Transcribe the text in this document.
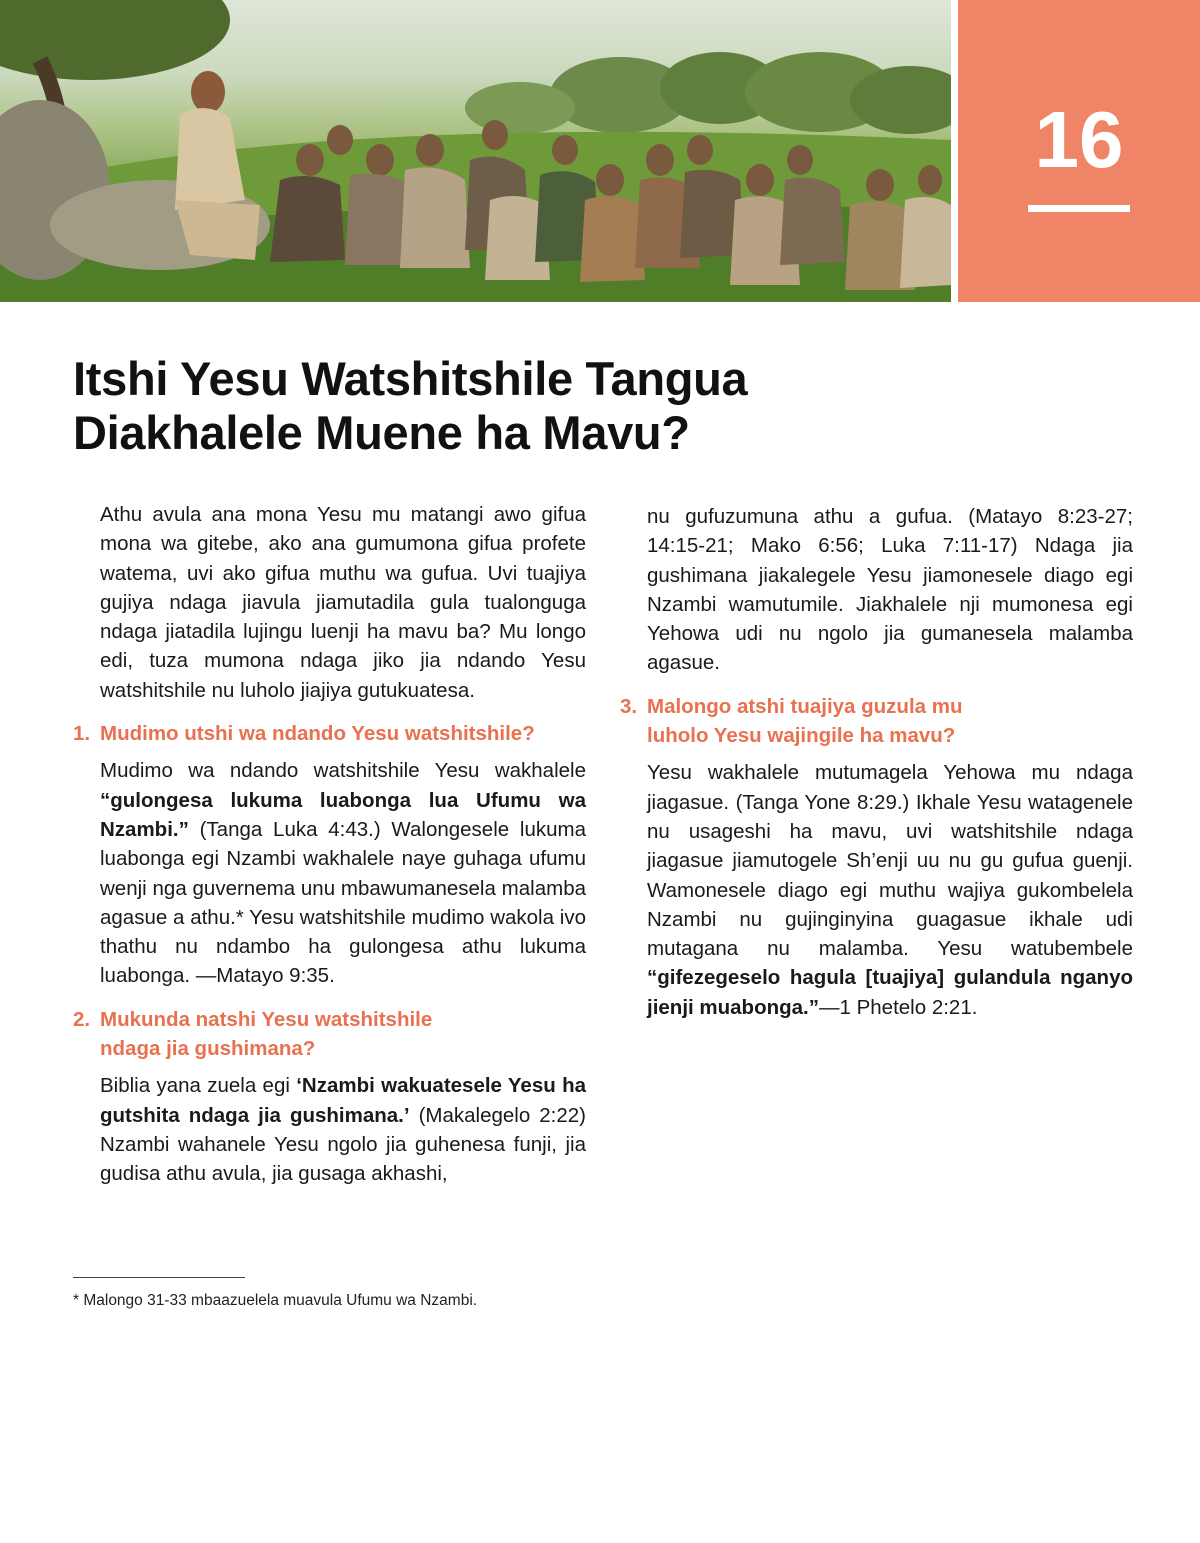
16
Itshi Yesu Watshitshile Tangua
Diakhalele Muene ha Mavu?

Athu avula ana mona Yesu mu matangi awo gifua mona wa gitebe, ako ana gumumona gifua profete watema, uvi ako gifua muthu wa gufua. Uvi tuajiya gujiya ndaga jiavula jiamutadila gula tualonguga ndaga jiatadila lujingu luenji ha mavu ba? Mu longo edi, tuza mumona ndaga jiko jia ndando Yesu watshitshile nu luholo jiajiya gutukuatesa.

1. Mudimo utshi wa ndando Yesu watshitshile?

Mudimo wa ndando watshitshile Yesu wakhalele “gulongesa lukuma luabonga lua Ufumu wa Nzambi.” (Tanga Luka 4:43.) Walongesele lukuma luabonga egi Nzambi wakhalele naye guhaga ufumu wenji nga guvernema unu mbawumanesela malamba agasue a athu.* Yesu watshitshile mudimo wakola ivo thathu nu ndambo ha gulongesa athu lukuma luabonga. —Matayo 9:35.

2. Mukunda natshi Yesu watshitshile
ndaga jia gushimana?

Biblia yana zuela egi ‘Nzambi wakuatesele Yesu ha gutshita ndaga jia gushimana.’ (Makalegelo 2:22) Nzambi wahanele Yesu ngolo jia guhenesa funji, jia gudisa athu avula, jia gusaga akhashi,

nu gufuzumuna athu a gufua. (Matayo 8:23-27; 14:15-21; Mako 6:56; Luka 7:11-17) Ndaga jia gushimana jiakalegele Yesu jiamonesele diago egi Nzambi wamutumile. Jiakhalele nji mumonesa egi Yehowa udi nu ngolo jia gumanesela malamba agasue.

3. Malongo atshi tuajiya guzula mu
luholo Yesu wajingile ha mavu?

Yesu wakhalele mutumagela Yehowa mu ndaga jiagasue. (Tanga Yone 8:29.) Ikhale Yesu watagenele nu usageshi ha mavu, uvi watshitshile ndaga jiagasue jiamutogele Sh’enji uu nu gu gufua guenji. Wamonesele diago egi muthu wajiya gukombelela Nzambi nu gujinginyina guagasue ikhale udi mutagana nu malamba. Yesu watubembele “gifezegeselo hagula [tuajiya] gulandula nganyo jienji muabonga.”—1 Phetelo 2:21.

* Malongo 31-33 mbaazuelela muavula Ufumu wa Nzambi.
